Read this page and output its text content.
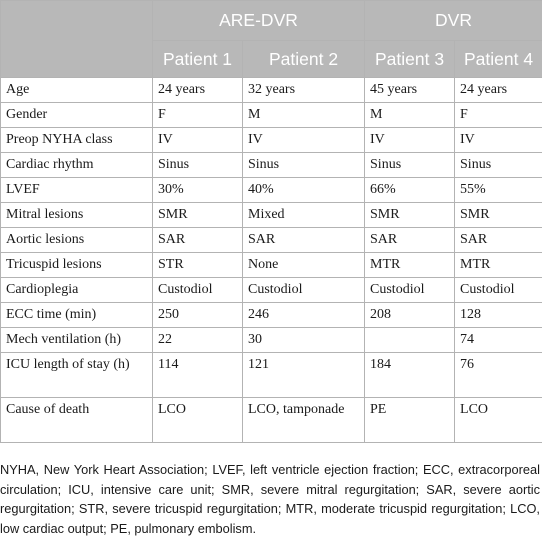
	ARE-DVR		DVR	
	Patient 1	Patient 2	Patient 3	Patient 4
Age	24 years	32 years	45 years	24 years
Gender	F	M	M	F
Preop NYHA class	IV	IV	IV	IV
Cardiac rhythm	Sinus	Sinus	Sinus	Sinus
LVEF	30%	40%	66%	55%
Mitral lesions	SMR	Mixed	SMR	SMR
Aortic lesions	SAR	SAR	SAR	SAR
Tricuspid lesions	STR	None	MTR	MTR
Cardioplegia	Custodiol	Custodiol	Custodiol	Custodiol
ECC time (min)	250	246	208	128
Mech ventilation (h)	22	30		74
ICU length of stay (h)	114	121	184	76
Cause of death	LCO	LCO, tamponade	PE	LCO

NYHA, New York Heart Association; LVEF, left ventricle ejection fraction; ECC, extracorporeal circulation; ICU, intensive care unit; SMR, severe mitral regurgitation; SAR, severe aortic regurgitation; STR, severe tricuspid regurgitation; MTR, moderate tricuspid regurgitation; LCO, low cardiac output; PE, pulmonary embolism.
